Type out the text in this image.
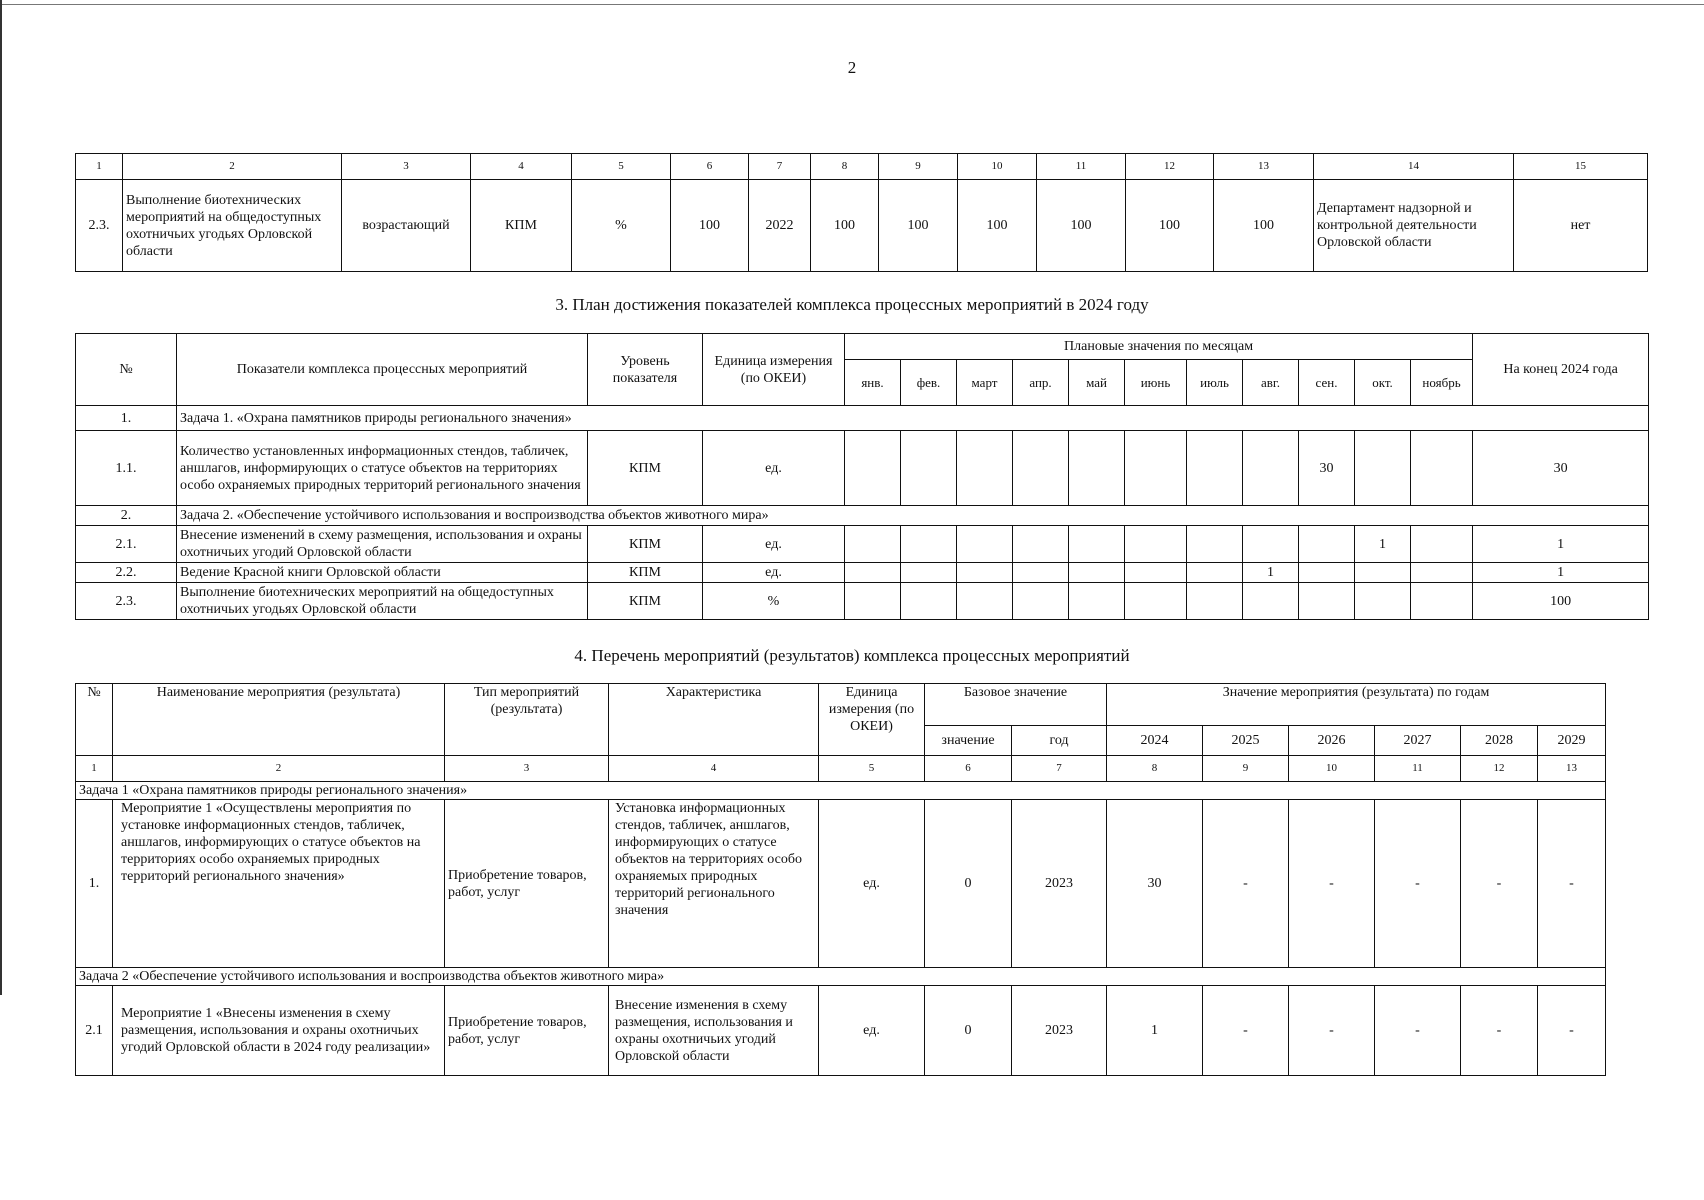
2
1	2	3	4	5	6	7	8	9	10	11	12	13	14	15
2.3.	Выполнение биотехнических мероприятий на общедоступных охотничьих угодьях Орловской области	возрастающий	КПМ	%	100	2022	100	100	100	100	100	100	Департамент надзорной и контрольной деятельности Орловской области	нет
3. План достижения показателей комплекса процессных мероприятий в 2024 году
№	Показатели комплекса процессных мероприятий	Уровень показателя	Единица измерения (по ОКЕИ)	Плановые значения по месяцам											На конец 2024 года
				янв.	фев.	март	апр.	май	июнь	июль	авг.	сен.	окт.	ноябрь	
1.	Задача 1. «Охрана памятников природы регионального значения»														
1.1.	Количество установленных информационных стендов, табличек, аншлагов, информирующих о статусе объектов на территориях особо охраняемых природных территорий регионального значения	КПМ	ед.									30			30
2.	Задача 2. «Обеспечение устойчивого использования и воспроизводства объектов животного мира»														
2.1.	Внесение изменений в схему размещения, использования и охраны охотничьих угодий Орловской области	КПМ	ед.										1		1
2.2.	Ведение Красной книги Орловской области	КПМ	ед.								1				1
2.3.	Выполнение биотехнических мероприятий на общедоступных охотничьих угодьях Орловской области	КПМ	%												100
4. Перечень мероприятий (результатов) комплекса процессных мероприятий
№	Наименование мероприятия (результата)	Тип мероприятий (результата)	Характеристика	Единица измерения (по ОКЕИ)	Базовое значение		Значение мероприятия (результата) по годам					
					значение	год	2024	2025	2026	2027	2028	2029
1	2	3	4	5	6	7	8	9	10	11	12	13
Задача 1 «Охрана памятников природы регионального значения»												
1.	Мероприятие 1 «Осуществлены мероприятия по установке информационных стендов, табличек, аншлагов, информирующих о статусе объектов на территориях особо охраняемых природных территорий регионального значения»	Приобретение товаров, работ, услуг	Установка информационных стендов, табличек, аншлагов, информирующих о статусе объектов на территориях особо охраняемых природных территорий регионального значения	ед.	0	2023	30	-	-	-	-	-
Задача 2 «Обеспечение устойчивого использования и воспроизводства объектов животного мира»												
2.1	Мероприятие 1 «Внесены изменения в схему размещения, использования и охраны охотничьих угодий Орловской области в 2024 году реализации»	Приобретение товаров, работ, услуг	Внесение изменения в схему размещения, использования и охраны охотничьих угодий Орловской области	ед.	0	2023	1	-	-	-	-	-
